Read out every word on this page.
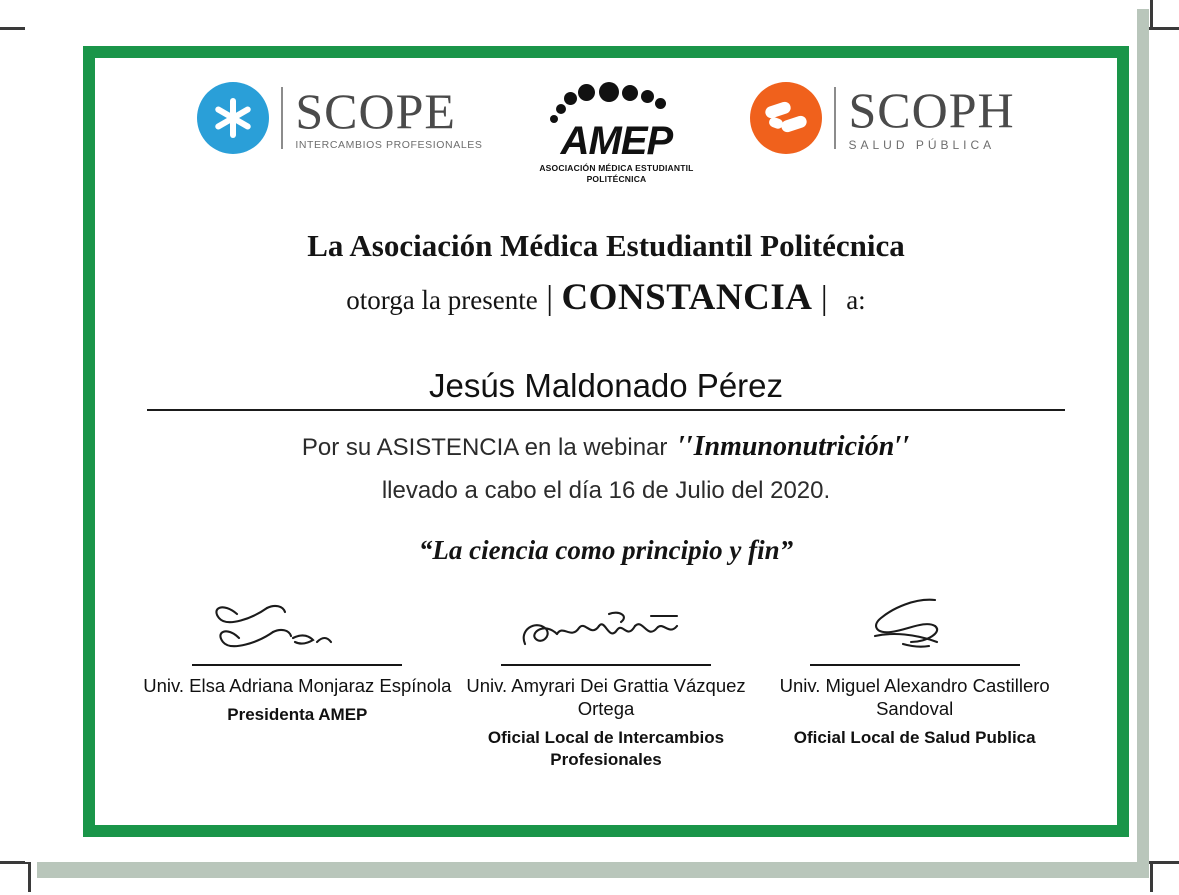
SCOPE
INTERCAMBIOS PROFESIONALES	AMEP
ASOCIACIÓN MÉDICA ESTUDIANTIL POLITÉCNICA
SCOPH
SALUD PÚBLICA
La Asociación Médica Estudiantil Politécnica
otorga la presente | CONSTANCIA | a:
Jesús Maldonado Pérez
Por su ASISTENCIA en la webinar ′′Inmunonutrición′′
llevado a cabo el día 16 de Julio del 2020.
“La ciencia como principio y fin”
Univ. Elsa Adriana Monjaraz Espínola
Presidenta AMEP
Univ. Amyrari Dei Grattia Vázquez Ortega
Oficial Local de Intercambios Profesionales
Univ. Miguel Alexandro Castillero Sandoval
Oficial Local de Salud Publica
